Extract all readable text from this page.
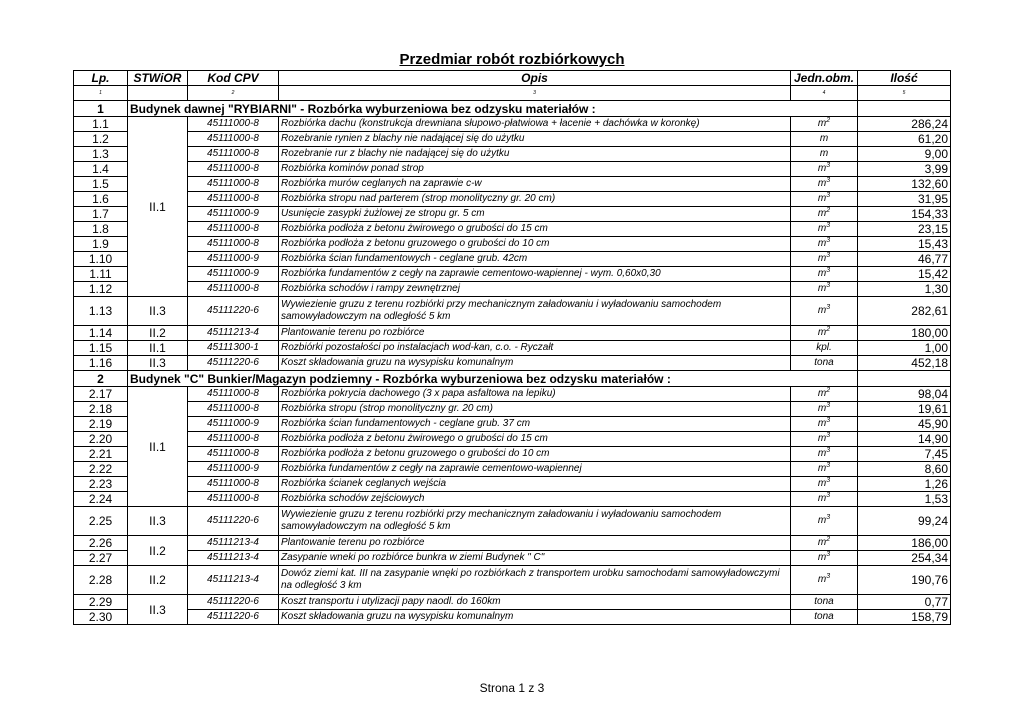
Przedmiar robót rozbiórkowych
Lp.	STWiOR	Kod CPV	Opis	Jedn.obm.	Ilość
1		2	3	4	5
1	Budynek dawnej "RYBIARNI" - Rozbórka wyburzeniowa bez odzysku materiałów :				
1.1	II.1	45111000-8	Rozbiórka dachu (konstrukcja drewniana słupowo-płatwiowa + łacenie + dachówka w koronkę)	$m^2$	286,24
1.2		45111000-8	Rozebranie rynien z blachy nie nadającej się do użytku	m	61,20
1.3		45111000-8	Rozebranie rur z blachy nie nadającej się do użytku	m	9,00
1.4		45111000-8	Rozbiórka kominów ponad strop	$m^3$	3,99
1.5		45111000-8	Rozbiórka murów ceglanych na zaprawie c-w	$m^3$	132,60
1.6		45111000-8	Rozbiórka stropu nad parterem (strop monolityczny gr. 20 cm)	$m^3$	31,95
1.7		45111000-9	Usunięcie zasypki żużlowej ze stropu gr. 5 cm	$m^2$	154,33
1.8		45111000-8	Rozbiórka podłoża z betonu żwirowego o grubości do 15 cm	$m^3$	23,15
1.9		45111000-8	Rozbiórka podłoża z betonu gruzowego o grubości do 10 cm	$m^3$	15,43
1.10		45111000-9	Rozbiórka ścian fundamentowych - ceglane grub. 42cm	$m^3$	46,77
1.11		45111000-9	Rozbiórka fundamentów z cegły na zaprawie cementowo-wapiennej - wym. 0,60x0,30	$m^3$	15,42
1.12		45111000-8	Rozbiórka schodów i rampy zewnętrznej	$m^3$	1,30
1.13	II.3	45111220-6	Wywiezienie gruzu z terenu rozbiórki przy mechanicznym załadowaniu i wyładowaniu samochodem samowyładowczym na odległość 5 km	$m^3$	282,61
1.14	II.2	45111213-4	Plantowanie terenu po rozbiórce	$m^2$	180,00
1.15	II.1	45111300-1	Rozbiórki pozostałości po instalacjach wod-kan, c.o. - Ryczałt	kpl.	1,00
1.16	II.3	45111220-6	Koszt składowania gruzu na wysypisku komunalnym	tona	452,18
2	Budynek "C" Bunkier/Magazyn podziemny - Rozbórka wyburzeniowa bez odzysku materiałów :				
2.17	II.1	45111000-8	Rozbiórka pokrycia dachowego (3 x papa asfaltowa na lepiku)	$m^2$	98,04
2.18		45111000-8	Rozbiórka stropu (strop monolityczny gr. 20 cm)	$m^3$	19,61
2.19		45111000-9	Rozbiórka ścian fundamentowych - ceglane grub. 37 cm	$m^3$	45,90
2.20		45111000-8	Rozbiórka podłoża z betonu żwirowego o grubości do 15 cm	$m^3$	14,90
2.21		45111000-8	Rozbiórka podłoża z betonu gruzowego o grubości do 10 cm	$m^3$	7,45
2.22		45111000-9	Rozbiórka fundamentów z cegły na zaprawie cementowo-wapiennej	$m^3$	8,60
2.23		45111000-8	Rozbiórka ścianek ceglanych wejścia	$m^3$	1,26
2.24		45111000-8	Rozbiórka schodów zejściowych	$m^3$	1,53
2.25	II.3	45111220-6	Wywiezienie gruzu z terenu rozbiórki przy mechanicznym załadowaniu i wyładowaniu samochodem samowyładowczym na odległość 5 km	$m^3$	99,24
2.26	II.2	45111213-4	Plantowanie terenu po rozbiórce	$m^2$	186,00
2.27		45111213-4	Zasypanie wneki po rozbiórce bunkra w ziemi Budynek " C"	$m^3$	254,34
2.28	II.2	45111213-4	Dowóz ziemi kat. III na zasypanie wnęki po rozbiórkach z transportem urobku samochodami samowyładowczymi na odległość 3 km	$m^3$	190,76
2.29	II.3	45111220-6	Koszt transportu i utylizacji papy naodl. do 160km	tona	0,77
2.30		45111220-6	Koszt składowania gruzu na wysypisku komunalnym	tona	158,79

Strona 1 z 3
